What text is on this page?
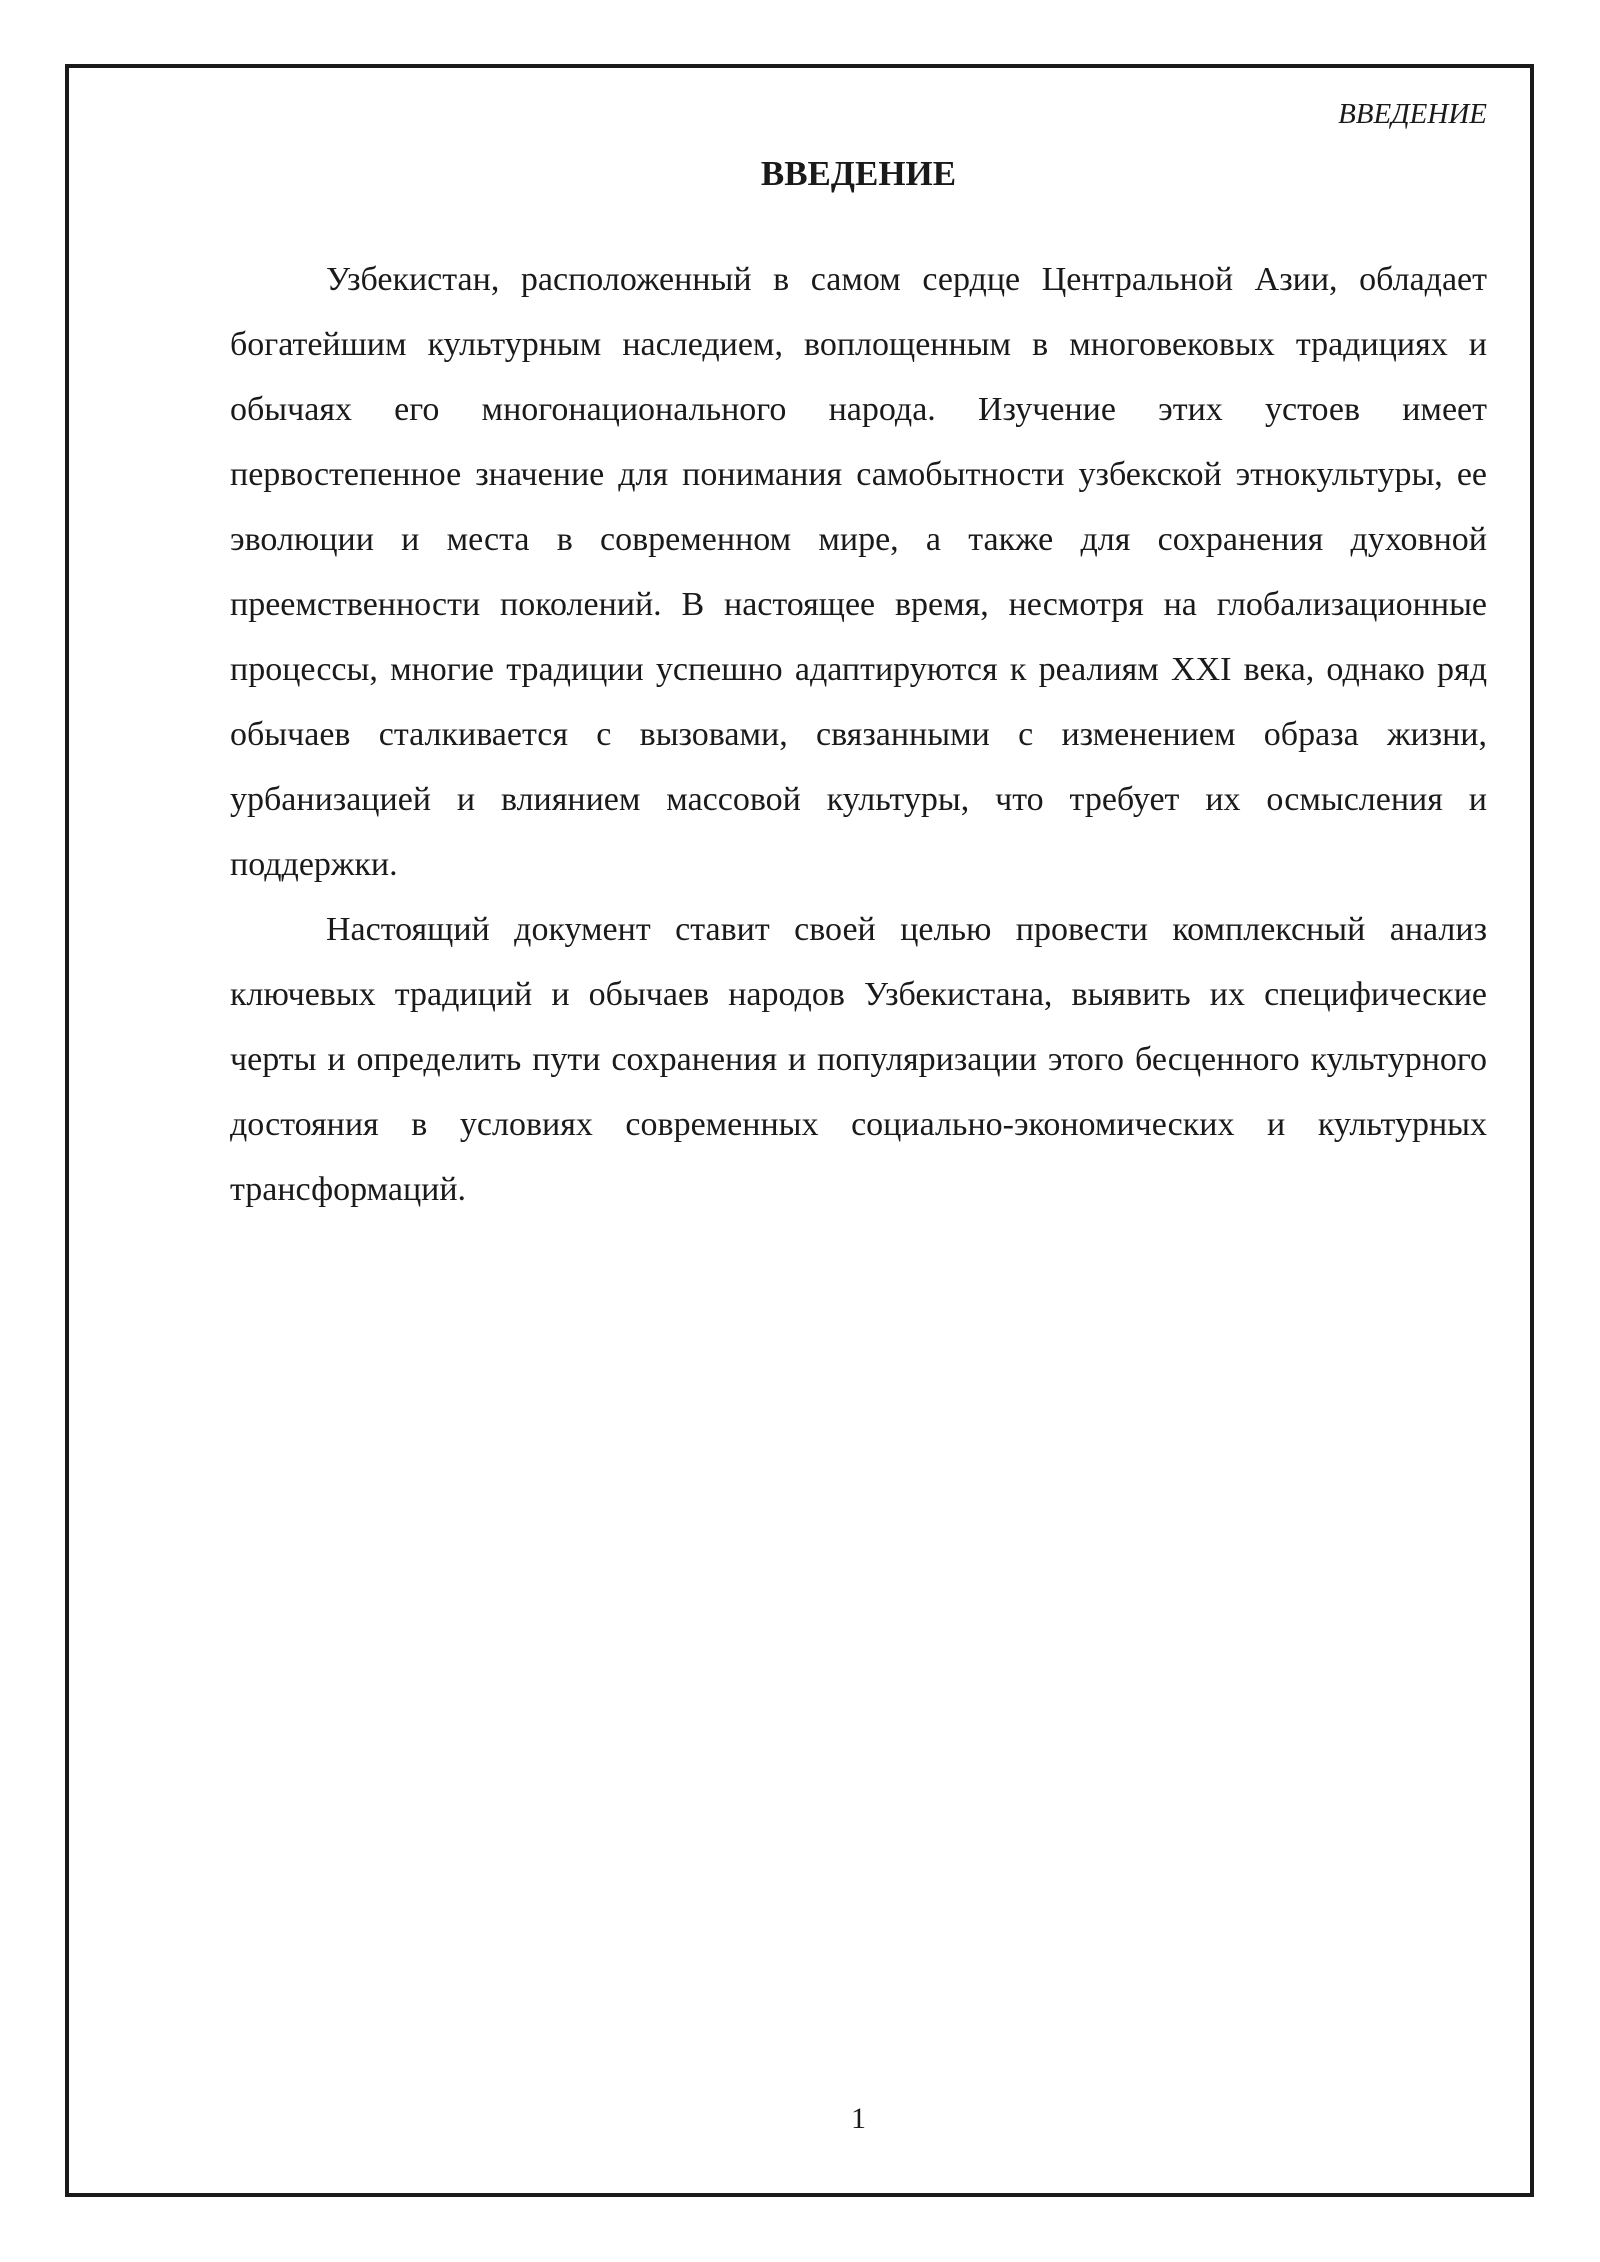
ВВЕДЕНИЕ
ВВЕДЕНИЕ

Узбекистан, расположенный в самом сердце Центральной Азии, обладает богатейшим культурным наследием, воплощенным в многовековых традициях и обычаях его многонационального народа. Изучение этих устоев имеет первостепенное значение для понимания самобытности узбекской этнокультуры, ее эволюции и места в современном мире, а также для сохранения духовной преемственности поколений. В настоящее время, несмотря на глобализационные процессы, многие традиции успешно адаптируются к реалиям XXI века, однако ряд обычаев сталкивается с вызовами, связанными с изменением образа жизни, урбанизацией и влиянием массовой культуры, что требует их осмысления и поддержки.

Настоящий документ ставит своей целью провести комплексный анализ ключевых традиций и обычаев народов Узбекистана, выявить их специфические черты и определить пути сохранения и популяризации этого бесценного культурного достояния в условиях современных социально-экономических и культурных трансформаций.

1
